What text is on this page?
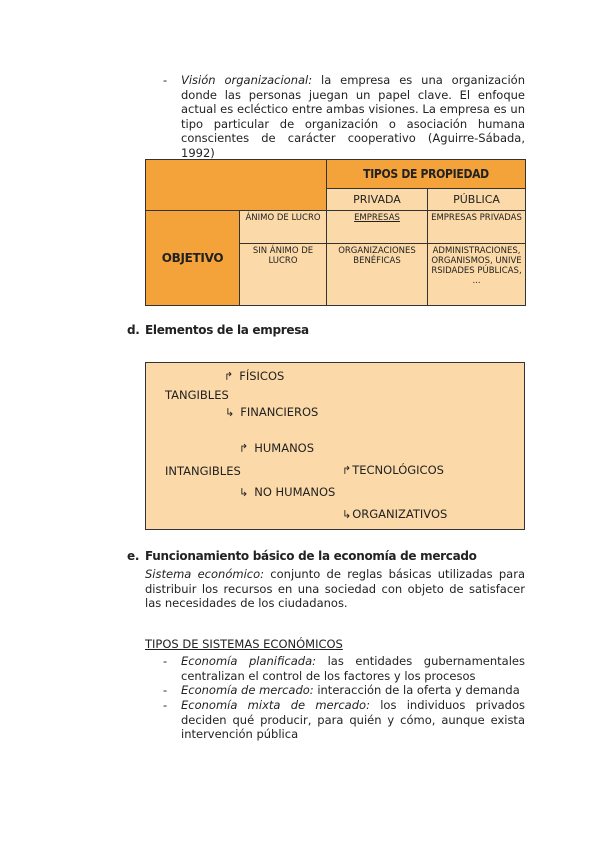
- Visión organizacional: la empresa es una organización
donde las personas juegan un papel clave. El enfoque
actual es ecléctico entre ambas visiones. La empresa es un
tipo particular de organización o asociación humana
conscientes de carácter cooperativo (Aguirre-Sábada, 1992)
		TIPOS DE PROPIEDAD	
		PRIVADA	PÚBLICA
OBJETIVO	ÁNIMO DE LUCRO	EMPRESAS	EMPRESAS PRIVADAS
	SIN ÁNIMO DE LUCRO	ORGANIZACIONES BENÉFICAS	ADMINISTRACIONES, ORGANISMOS, UNIVERSIDADES PÚBLICAS, ...
d. Elementos de la empresa
↱ FÍSICOS
TANGIBLES
↳ FINANCIEROS
↱ HUMANOS
INTANGIBLES	↱TECNOLÓGICOS
↳ NO HUMANOS
↳ORGANIZATIVOS
e. Funcionamiento básico de la economía de mercado
Sistema económico: conjunto de reglas básicas utilizadas para
distribuir los recursos en una sociedad con objeto de satisfacer
las necesidades de los ciudadanos.
TIPOS DE SISTEMAS ECONÓMICOS
- Economía planificada: las entidades gubernamentales
centralizan el control de los factores y los procesos
- Economía de mercado: interacción de la oferta y demanda
- Economía mixta de mercado: los individuos privados
deciden qué producir, para quién y cómo, aunque exista
intervención pública
